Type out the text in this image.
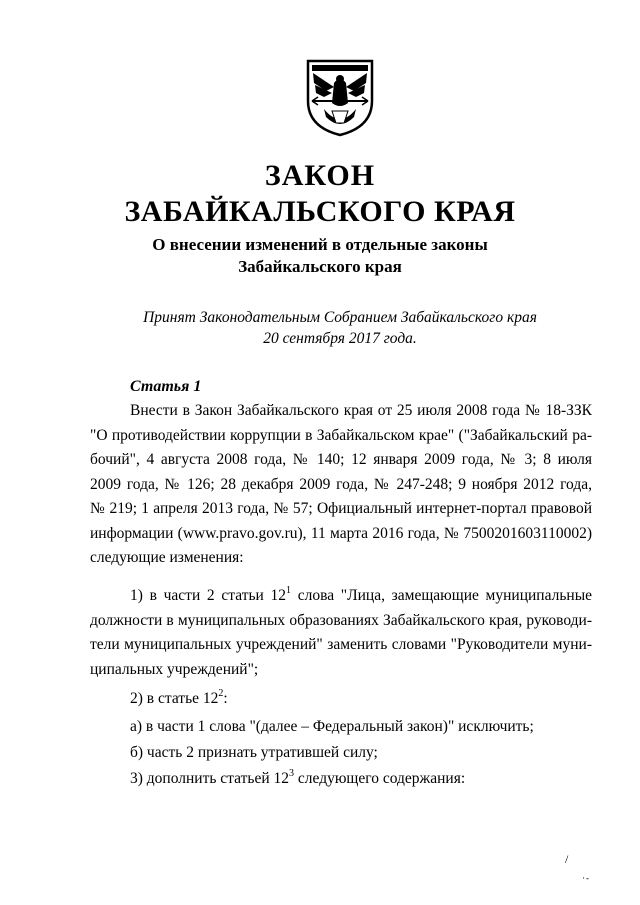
ЗАКОН
ЗАБАЙКАЛЬСКОГО КРАЯ
О внесении изменений в отдельные законы
Забайкальского края
Принят Законодательным Собранием Забайкальского края
20 сентября 2017 года.
Статья 1
Внести в Закон Забайкальского края от 25 июля 2008 года № 18-ЗЗК
"О противодействии коррупции в Забайкальском крае" ("Забайкальский ра-
бочий", 4 августа 2008 года, № 140; 12 января 2009 года, № 3; 8 июля
2009 года, № 126; 28 декабря 2009 года, № 247-248; 9 ноября 2012 года,
№ 219; 1 апреля 2013 года, № 57; Официальный интернет-портал правовой
информации (www.pravo.gov.ru), 11 марта 2016 года, № 7500201603110002)
следующие изменения:
1) в части 2 статьи $12^1$ слова "Лица, замещающие муниципальные
должности в муниципальных образованиях Забайкальского края, руководи-
тели муниципальных учреждений" заменить словами "Руководители муни-
ципальных учреждений";
2) в статье $12^2$:
а) в части 1 слова "(далее – Федеральный закон)" исключить;
б) часть 2 признать утратившей силу;
3) дополнить статьей $12^3$ следующего содержания:
/
·-
